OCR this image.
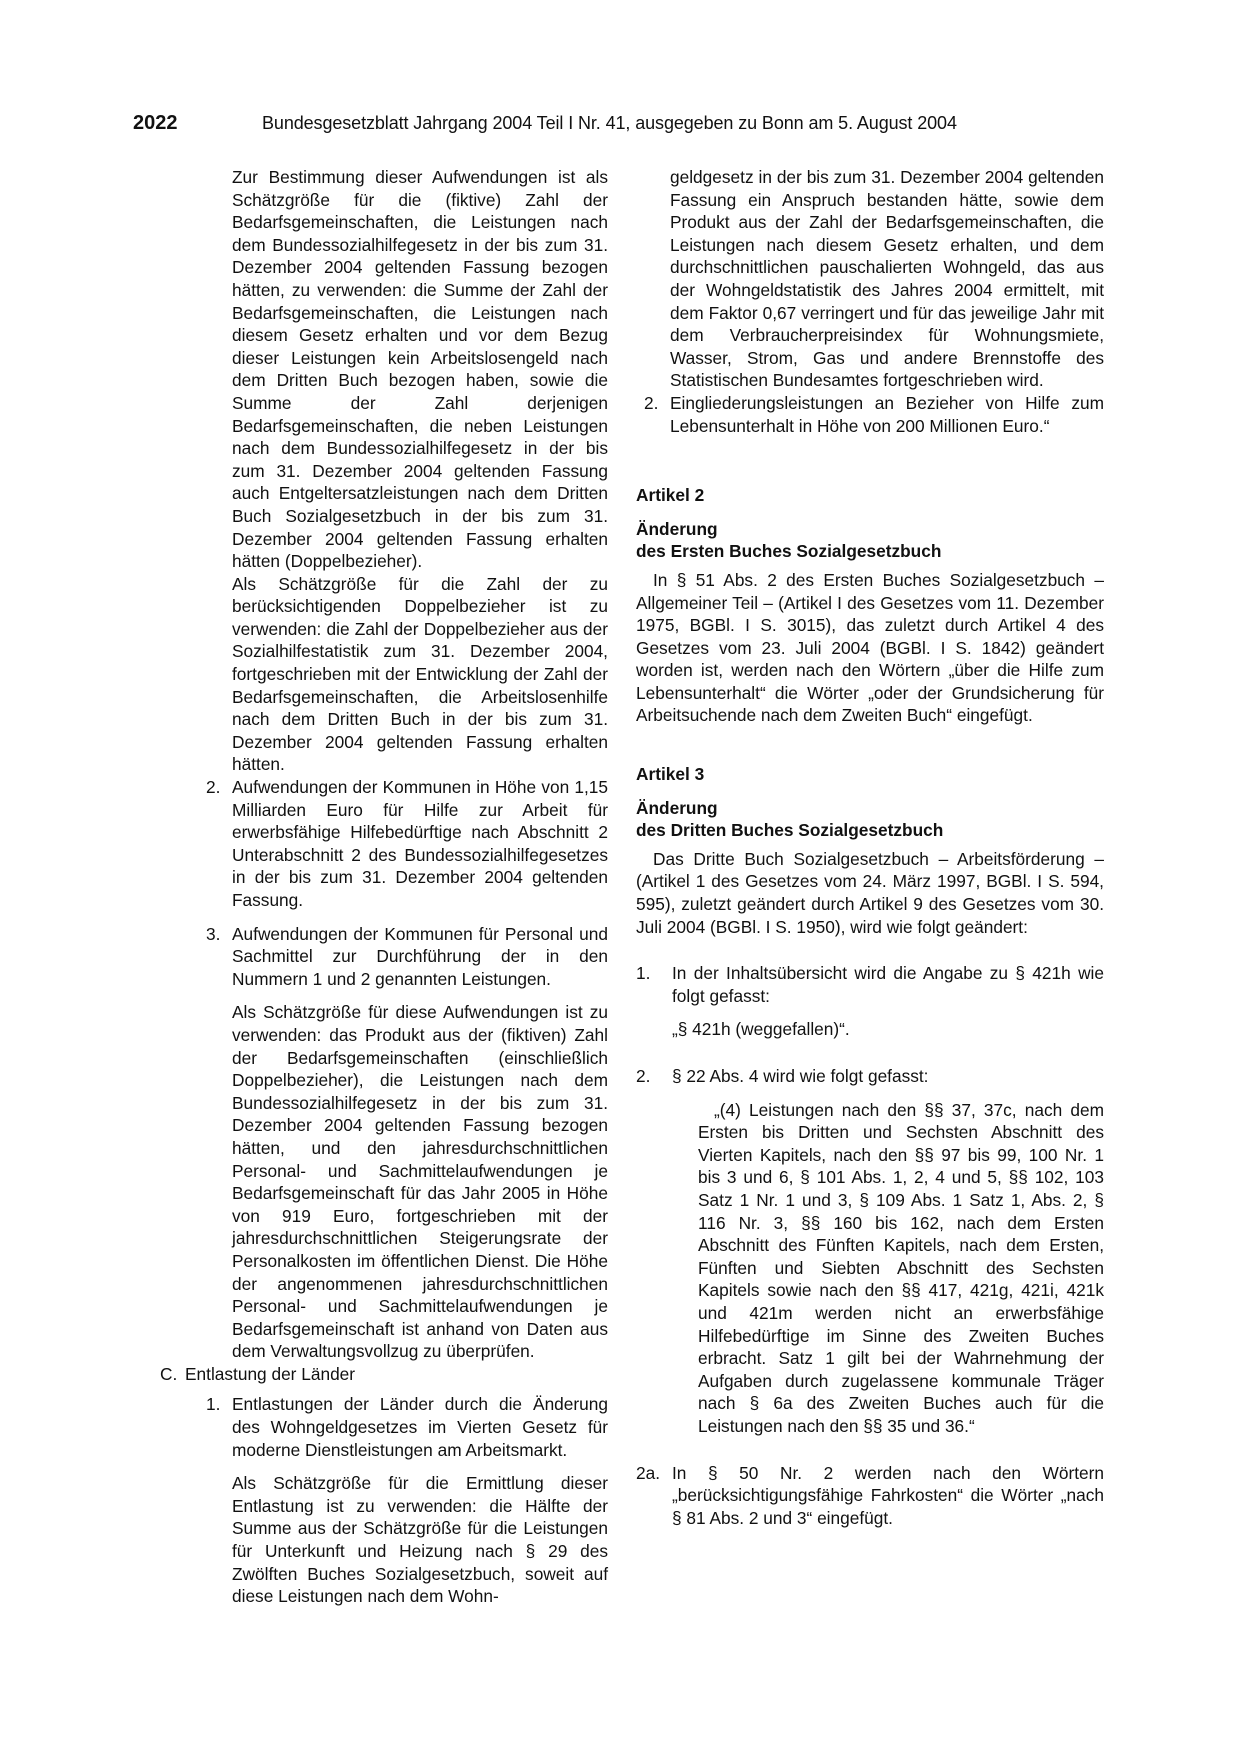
2022	Bundesgesetzblatt Jahrgang 2004 Teil I Nr. 41, ausgegeben zu Bonn am 5. August 2004

Zur Bestimmung dieser Aufwendungen ist als Schätzgröße für die (fiktive) Zahl der Bedarfsgemeinschaften, die Leistungen nach dem Bundessozialhilfegesetz in der bis zum 31. Dezember 2004 geltenden Fassung bezogen hätten, zu verwenden: die Summe der Zahl der Bedarfsgemeinschaften, die Leistungen nach diesem Gesetz erhalten und vor dem Bezug dieser Leistungen kein Arbeitslosengeld nach dem Dritten Buch bezogen haben, sowie die Summe der Zahl derjenigen Bedarfsgemeinschaften, die neben Leistungen nach dem Bundessozialhilfegesetz in der bis zum 31. Dezember 2004 geltenden Fassung auch Entgeltersatzleistungen nach dem Dritten Buch Sozialgesetzbuch in der bis zum 31. Dezember 2004 geltenden Fassung erhalten hätten (Doppelbezieher).

Als Schätzgröße für die Zahl der zu berücksichtigenden Doppelbezieher ist zu verwenden: die Zahl der Doppelbezieher aus der Sozialhilfestatistik zum 31. Dezember 2004, fortgeschrieben mit der Entwicklung der Zahl der Bedarfsgemeinschaften, die Arbeitslosenhilfe nach dem Dritten Buch in der bis zum 31. Dezember 2004 geltenden Fassung erhalten hätten.

2. Aufwendungen der Kommunen in Höhe von 1,15 Milliarden Euro für Hilfe zur Arbeit für erwerbsfähige Hilfebedürftige nach Abschnitt 2 Unterabschnitt 2 des Bundessozialhilfegesetzes in der bis zum 31. Dezember 2004 geltenden Fassung.
3. Aufwendungen der Kommunen für Personal und Sachmittel zur Durchführung der in den Nummern 1 und 2 genannten Leistungen.

Als Schätzgröße für diese Aufwendungen ist zu verwenden: das Produkt aus der (fiktiven) Zahl der Bedarfsgemeinschaften (einschließlich Doppelbezieher), die Leistungen nach dem Bundessozialhilfegesetz in der bis zum 31. Dezember 2004 geltenden Fassung bezogen hätten, und den jahresdurchschnittlichen Personal- und Sachmittelaufwendungen je Bedarfsgemeinschaft für das Jahr 2005 in Höhe von 919 Euro, fortgeschrieben mit der jahresdurchschnittlichen Steigerungsrate der Personalkosten im öffentlichen Dienst. Die Höhe der angenommenen jahresdurchschnittlichen Personal- und Sachmittelaufwendungen je Bedarfsgemeinschaft ist anhand von Daten aus dem Verwaltungsvollzug zu überprüfen.

C. Entlastung der Länder
1. Entlastungen der Länder durch die Änderung des Wohngeldgesetzes im Vierten Gesetz für moderne Dienstleistungen am Arbeitsmarkt.

Als Schätzgröße für die Ermittlung dieser Entlastung ist zu verwenden: die Hälfte der Summe aus der Schätzgröße für die Leistungen für Unterkunft und Heizung nach § 29 des Zwölften Buches Sozialgesetzbuch, soweit auf diese Leistungen nach dem Wohn-

geldgesetz in der bis zum 31. Dezember 2004 geltenden Fassung ein Anspruch bestanden hätte, sowie dem Produkt aus der Zahl der Bedarfsgemeinschaften, die Leistungen nach diesem Gesetz erhalten, und dem durchschnittlichen pauschalierten Wohngeld, das aus der Wohngeldstatistik des Jahres 2004 ermittelt, mit dem Faktor 0,67 verringert und für das jeweilige Jahr mit dem Verbraucherpreisindex für Wohnungsmiete, Wasser, Strom, Gas und andere Brennstoffe des Statistischen Bundesamtes fortgeschrieben wird.

2. Eingliederungsleistungen an Bezieher von Hilfe zum Lebensunterhalt in Höhe von 200 Millionen Euro.“

Artikel 2

Änderung

des Ersten Buches Sozialgesetzbuch

In § 51 Abs. 2 des Ersten Buches Sozialgesetzbuch – Allgemeiner Teil – (Artikel I des Gesetzes vom 11. Dezember 1975, BGBl. I S. 3015), das zuletzt durch Artikel 4 des Gesetzes vom 23. Juli 2004 (BGBl. I S. 1842) geändert worden ist, werden nach den Wörtern „über die Hilfe zum Lebensunterhalt“ die Wörter „oder der Grundsicherung für Arbeitsuchende nach dem Zweiten Buch“ eingefügt.

Artikel 3

Änderung

des Dritten Buches Sozialgesetzbuch

Das Dritte Buch Sozialgesetzbuch – Arbeitsförderung – (Artikel 1 des Gesetzes vom 24. März 1997, BGBl. I S. 594, 595), zuletzt geändert durch Artikel 9 des Gesetzes vom 30. Juli 2004 (BGBl. I S. 1950), wird wie folgt geändert:

1.	In der Inhaltsübersicht wird die Angabe zu § 421h wie folgt gefasst:

„§ 421h (weggefallen)“.

2.	§ 22 Abs. 4 wird wie folgt gefasst:

„(4) Leistungen nach den §§ 37, 37c, nach dem Ersten bis Dritten und Sechsten Abschnitt des Vierten Kapitels, nach den §§ 97 bis 99, 100 Nr. 1 bis 3 und 6, § 101 Abs. 1, 2, 4 und 5, §§ 102, 103 Satz 1 Nr. 1 und 3, § 109 Abs. 1 Satz 1, Abs. 2, § 116 Nr. 3, §§ 160 bis 162, nach dem Ersten Abschnitt des Fünften Kapitels, nach dem Ersten, Fünften und Siebten Abschnitt des Sechsten Kapitels sowie nach den §§ 417, 421g, 421i, 421k und 421m werden nicht an erwerbsfähige Hilfebedürftige im Sinne des Zweiten Buches erbracht. Satz 1 gilt bei der Wahrnehmung der Aufgaben durch zugelassene kommunale Träger nach § 6a des Zweiten Buches auch für die Leistungen nach den §§ 35 und 36.“

2a. In § 50 Nr. 2 werden nach den Wörtern „berücksichtigungsfähige Fahrkosten“ die Wörter „nach § 81 Abs. 2 und 3“ eingefügt.
